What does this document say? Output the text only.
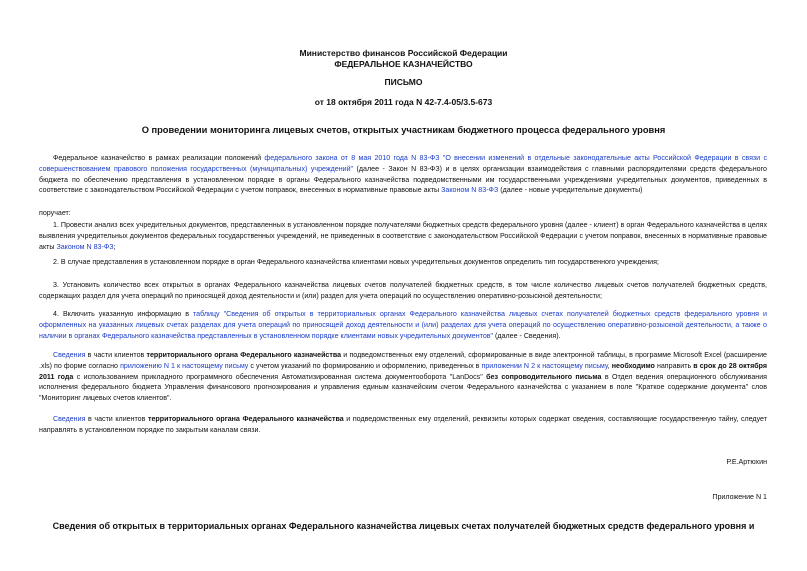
Министерство финансов Российской Федерации
ФЕДЕРАЛЬНОЕ КАЗНАЧЕЙСТВО
ПИСЬМО
от 18 октября 2011 года N 42-7.4-05/3.5-673
О проведении мониторинга лицевых счетов, открытых участникам бюджетного процесса федерального уровня
Федеральное казначейство в рамках реализации положений федерального закона от 8 мая 2010 года N 83-ФЗ "О внесении изменений в отдельные законодательные акты Российской Федерации в связи с совершенствованием правового положения государственных (муниципальных) учреждений" (далее - Закон N 83-ФЗ) и в целях организации взаимодействия с главными распорядителями средств федерального бюджета по обеспечению представления в установленном порядке в органы Федерального казначейства подведомственными им государственными учреждениями учредительных документов, приведенных в соответствие с законодательством Российской Федерации с учетом поправок, внесенных в нормативные правовые акты Законом N 83-ФЗ (далее - новые учредительные документы)
поручает:
1. Провести анализ всех учредительных документов, представленных в установленном порядке получателями бюджетных средств федерального уровня (далее - клиент) в орган Федерального казначейства в целях выявления учредительных документов федеральных государственных учреждений, не приведенных в соответствие с законодательством Российской Федерации с учетом поправок, внесенных в нормативные правовые акты Законом N 83-ФЗ;
2. В случае представления в установленном порядке в орган Федерального казначейства клиентами новых учредительных документов определить тип государственного учреждения;
3. Установить количество всех открытых в органах Федерального казначейства лицевых счетов получателей бюджетных средств, в том числе количество лицевых счетов получателей бюджетных средств, содержащих раздел для учета операций по приносящей доход деятельности и (или) раздел для учета операций по осуществлению оперативно-розыскной деятельности;
4. Включить указанную информацию в таблицу "Сведения об открытых в территориальных органах Федерального казначейства лицевых счетах получателей бюджетных средств федерального уровня и оформленных на указанных лицевых счетах разделах для учета операций по приносящей доход деятельности и (или) разделах для учета операций по осуществлению оперативно-розыскной деятельности, а также о наличии в органах Федерального казначейства представленных в установленном порядке клиентами новых учредительных документов" (далее - Сведения).
Сведения в части клиентов территориального органа Федерального казначейства и подведомственных ему отделений, сформированные в виде электронной таблицы, в программе Microsoft Excel (расширение .xls) по форме согласно приложению N 1 к настоящему письму с учетом указаний по формированию и оформлению, приведенных в приложении N 2 к настоящему письму, необходимо направить в срок до 28 октября 2011 года с использованием прикладного программного обеспечения Автоматизированная система документооборота "LanDocs" без сопроводительного письма в Отдел ведения операционного обслуживания исполнения федерального бюджета Управления финансового прогнозирования и управления единым казначейским счетом Федерального казначейства с указанием в поле "Краткое содержание документа" слов "Мониторинг лицевых счетов клиентов".
Сведения в части клиентов территориального органа Федерального казначейства и подведомственных ему отделений, реквизиты которых содержат сведения, составляющие государственную тайну, следует направлять в установленном порядке по закрытым каналам связи.
Р.Е.Артюхин
Приложение N 1
Сведения об открытых в территориальных органах Федерального казначейства лицевых счетах получателей бюджетных средств федерального уровня и
